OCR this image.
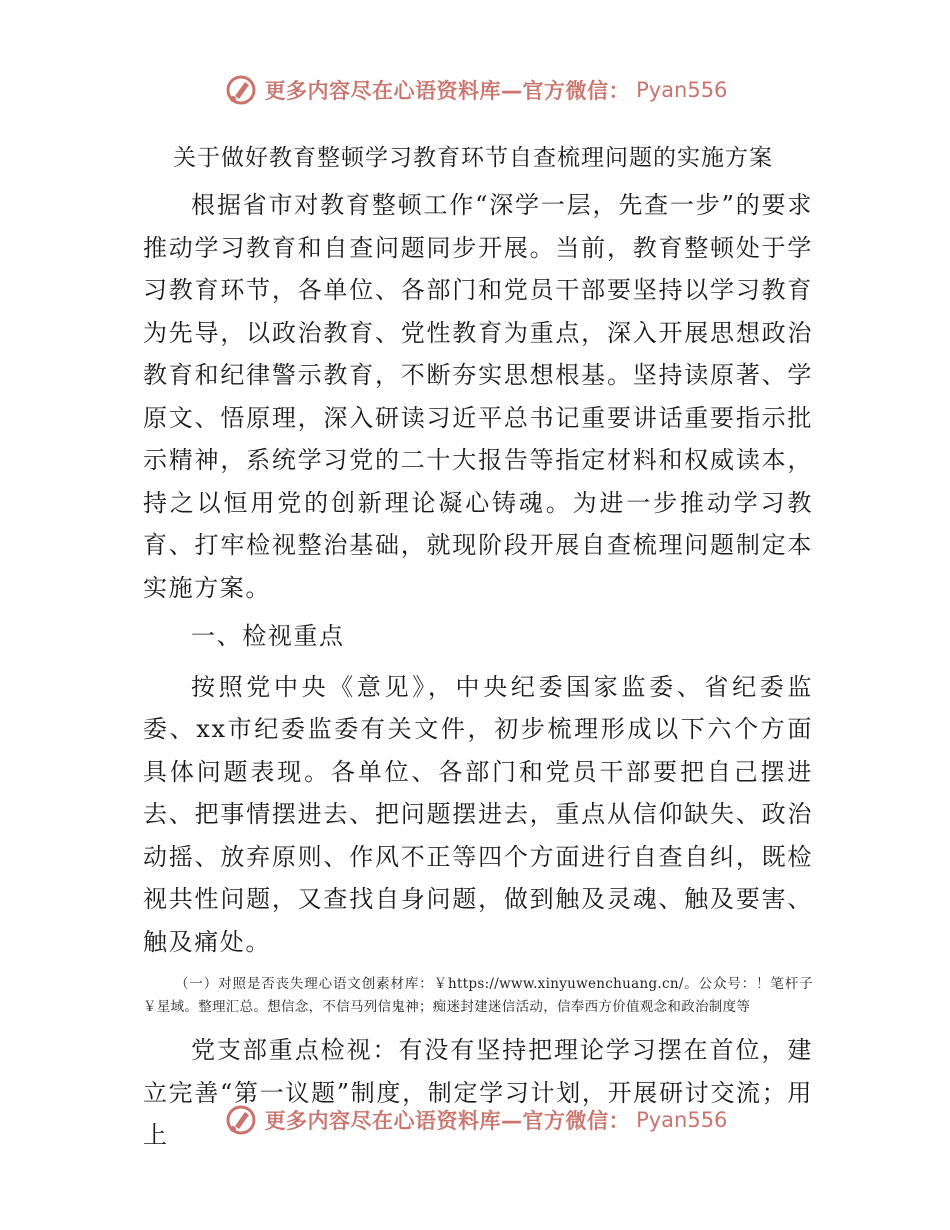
更多内容尽在心语资料库—官方微信： Pyan556
关于做好教育整顿学习教育环节自查梳理问题的实施方案

根据省市对教育整顿工作“深学一层，先查一步”的要求推动学习教育和自查问题同步开展。当前，教育整顿处于学习教育环节，各单位、各部门和党员干部要坚持以学习教育为先导，以政治教育、党性教育为重点，深入开展思想政治教育和纪律警示教育，不断夯实思想根基。坚持读原著、学原文、悟原理，深入研读习近平总书记重要讲话重要指示批示精神，系统学习党的二十大报告等指定材料和权威读本，持之以恒用党的创新理论凝心铸魂。为进一步推动学习教育、打牢检视整治基础，就现阶段开展自查梳理问题制定本实施方案。

一、检视重点

按照党中央《意见》，中央纪委国家监委、省纪委监委、xx市纪委监委有关文件，初步梳理形成以下六个方面具体问题表现。各单位、各部门和党员干部要把自己摆进去、把事情摆进去、把问题摆进去，重点从信仰缺失、政治动摇、放弃原则、作风不正等四个方面进行自查自纠，既检视共性问题，又查找自身问题，做到触及灵魂、触及要害、触及痛处。

（一）对照是否丧失理心语文创素材库：￥https://www.xinyuwenchuang.cn/。公众号：！笔杆子￥星域。整理汇总。想信念，不信马列信鬼神；痴迷封建迷信活动，信奉西方价值观念和政治制度等

党支部重点检视：有没有坚持把理论学习摆在首位，建立完善“第一议题”制度，制定学习计划，开展研讨交流；用上	更多内容尽在心语资料库—官方微信： Pyan556
